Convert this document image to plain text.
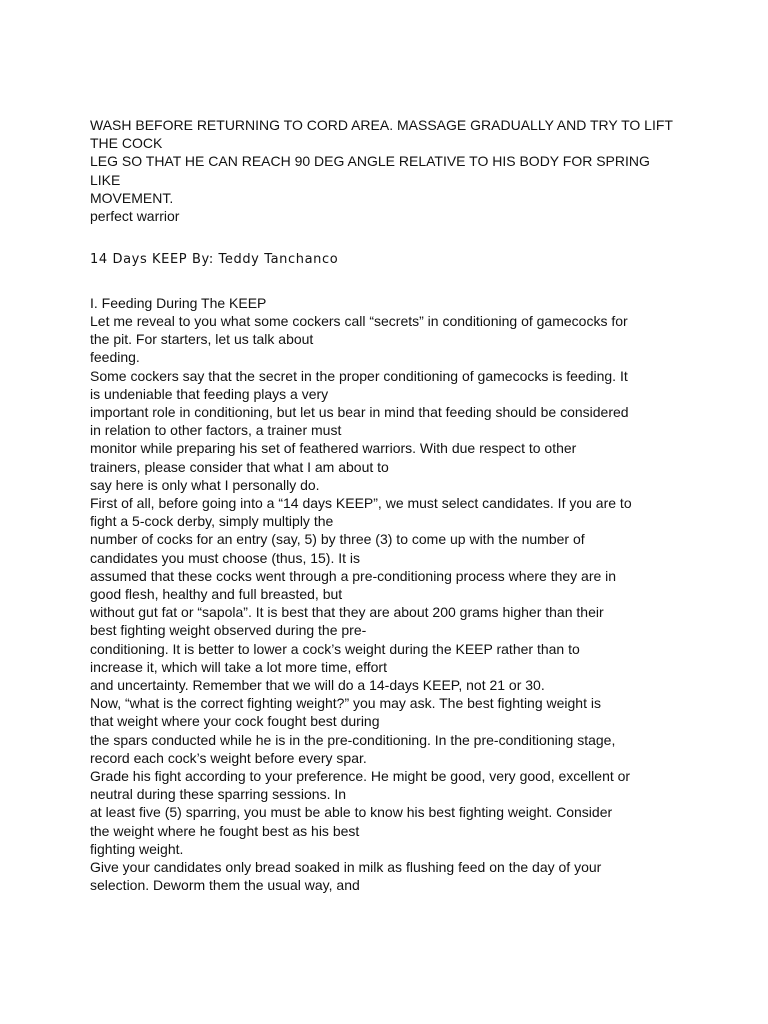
WASH BEFORE RETURNING TO CORD AREA. MASSAGE GRADUALLY AND TRY TO LIFT
THE COCK
LEG SO THAT HE CAN REACH 90 DEG ANGLE RELATIVE TO HIS BODY FOR SPRING
LIKE
MOVEMENT.
perfect warrior
14 Days KEEP By: Teddy Tanchanco
I. Feeding During The KEEP
Let me reveal to you what some cockers call “secrets” in conditioning of gamecocks for
the pit. For starters, let us talk about
feeding.
Some cockers say that the secret in the proper conditioning of gamecocks is feeding. It
is undeniable that feeding plays a very
important role in conditioning, but let us bear in mind that feeding should be considered
in relation to other factors, a trainer must
monitor while preparing his set of feathered warriors. With due respect to other
trainers, please consider that what I am about to
say here is only what I personally do.
First of all, before going into a “14 days KEEP”, we must select candidates. If you are to
fight a 5-cock derby, simply multiply the
number of cocks for an entry (say, 5) by three (3) to come up with the number of
candidates you must choose (thus, 15). It is
assumed that these cocks went through a pre-conditioning process where they are in
good flesh, healthy and full breasted, but
without gut fat or “sapola”. It is best that they are about 200 grams higher than their
best fighting weight observed during the pre-
conditioning. It is better to lower a cock’s weight during the KEEP rather than to
increase it, which will take a lot more time, effort
and uncertainty. Remember that we will do a 14-days KEEP, not 21 or 30.
Now, “what is the correct fighting weight?” you may ask. The best fighting weight is
that weight where your cock fought best during
the spars conducted while he is in the pre-conditioning. In the pre-conditioning stage,
record each cock’s weight before every spar.
Grade his fight according to your preference. He might be good, very good, excellent or
neutral during these sparring sessions. In
at least five (5) sparring, you must be able to know his best fighting weight. Consider
the weight where he fought best as his best
fighting weight.
Give your candidates only bread soaked in milk as flushing feed on the day of your
selection. Deworm them the usual way, and
